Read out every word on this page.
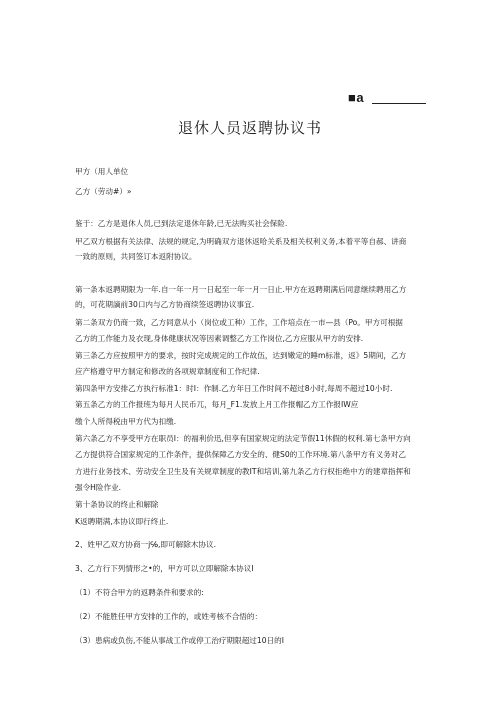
■a
退休人员返聘协议书
甲方（用人单位
乙方（劳动#）»
鉴于：乙方是退休人员,已到法定退休年龄,已无法购买社会保险.
甲乙双方根据有关法律、法规的规定,为明确双方退休返哈关系及相关权利义务,本着平等自郝、讲商
一致的原则，共同签订本返附协议。
第一条本返聘期限为一年.自一年一月一日起至一年一月一日止.甲方在返聘期满后同意继续聘用乙方
的，可花期謫前30口内与乙方协商续签返聘协议事宜.
第二条双方仍商一致，乙方同意从小（岗位或工种）工作，工作培点在一市—县（Po。甲方可根据
乙方的工作能力及衣现,身体健康状况等因素调整乙方工作岗位,乙方应服从甲方的安排.
第三条乙方应按照甲方的要求，按时完成规定的工作故伍，达到嫩定的睡m标准，返》5期间，乙方
应产格遵守甲方制定和修改的各项规章制度和工作纪律.
第四条甲方安排乙方执行标准1：时I：作制.乙方年日工作时间不超过8小时,每周不超过10小时.
第五条乙方的工作报班为每月人民币兀，每月_F1.发放上月工作报帽乙方工作报IW应
缴个人所得税由甲方代为扣缴.
第六条乙方不享受甲方在职员I：的福利价迅,但享有国家规定的法定节假11休假的权利.第七条甲方向
乙方提供符合国家规定的工作条件，提供保障乙方安全的、健S0的工作环境.第八条甲方有义务对乙
方进行业务技术、劳动安全卫生及有关规章制度的教IT和培训,第九条乙方行权拒绝中方的建章指挥和
强令H险作业.
第十条协议的终止和解除
K返聘期满,本协议即行终止.
2、姓甲乙双方协商一j℅,即可解除木协议.
3、乙方行下列情形之•的，甲方可以立即解除本协议I
（1）不符合甲方的返聘条件和要求的:
（2）不能胜任甲方安排的工作的，或姓考核不合悟的：
（3）患病或负伤,不能从事战工作或停工治疗期限超过10日的I
